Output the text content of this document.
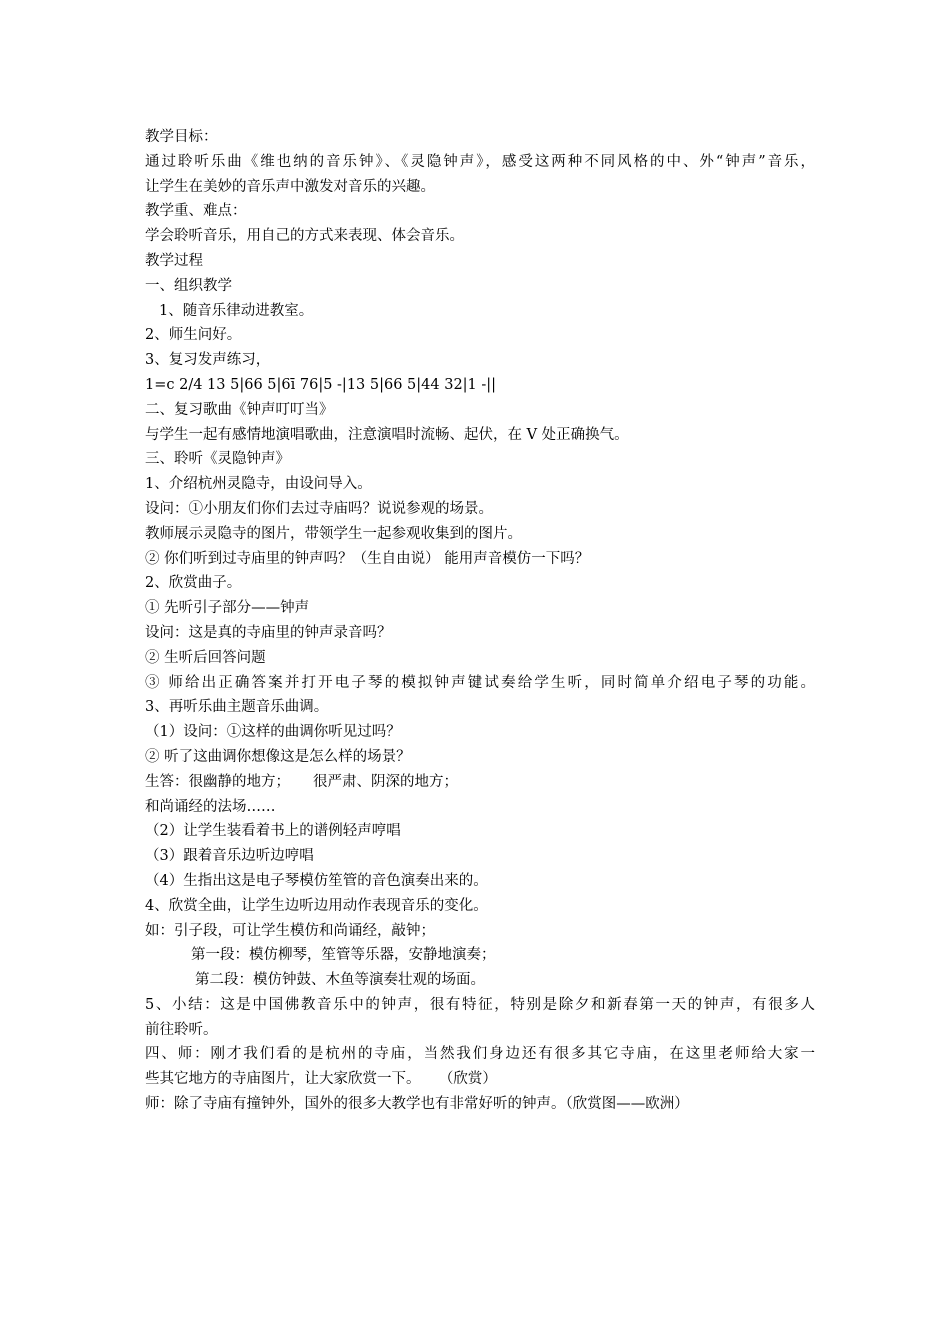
教学目标：
通过聆听乐曲《维也纳的音乐钟》、《灵隐钟声》，感受这两种不同风格的中、外“钟声”音乐，
让学生在美妙的音乐声中激发对音乐的兴趣。
教学重、难点：
学会聆听音乐，用自己的方式来表现、体会音乐。
教学过程
一、组织教学
1、随音乐律动进教室。
2、师生问好。
3、复习发声练习，
1=c 2/4 13 5|66 5|6ī 76|5 -|13 5|66 5|44 32|1 -||
二、复习歌曲《钟声叮叮当》
与学生一起有感情地演唱歌曲，注意演唱时流畅、起伏，在 V 处正确换气。
三、聆听《灵隐钟声》
1、介绍杭州灵隐寺，由设问导入。
设问：①小朋友们你们去过寺庙吗？说说参观的场景。
教师展示灵隐寺的图片，带领学生一起参观收集到的图片。
② 你们听到过寺庙里的钟声吗？（生自由说） 能用声音模仿一下吗？
2、欣赏曲子。
① 先听引子部分——钟声
设问：这是真的寺庙里的钟声录音吗？
② 生听后回答问题
③ 师给出正确答案并打开电子琴的模拟钟声键试奏给学生听，同时简单介绍电子琴的功能。
3、再听乐曲主题音乐曲调。
（1）设问：①这样的曲调你听见过吗？
② 听了这曲调你想像这是怎么样的场景？
生答：很幽静的地方；     很严肃、阴深的地方；
和尚诵经的法场……
（2）让学生装看着书上的谱例轻声哼唱
（3）跟着音乐边听边哼唱
（4）生指出这是电子琴模仿笙管的音色演奏出来的。
4、欣赏全曲，让学生边听边用动作表现音乐的变化。
如：引子段，可让学生模仿和尚诵经，敲钟；
第一段：模仿柳琴，笙管等乐器，安静地演奏；
第二段：模仿钟鼓、木鱼等演奏壮观的场面。
5、小结：这是中国佛教音乐中的钟声，很有特征，特别是除夕和新春第一天的钟声，有很多人
前往聆听。
四、师：刚才我们看的是杭州的寺庙，当然我们身边还有很多其它寺庙，在这里老师给大家一
些其它地方的寺庙图片，让大家欣赏一下。    （欣赏）
师：除了寺庙有撞钟外，国外的很多大教学也有非常好听的钟声。（欣赏图——欧洲）
